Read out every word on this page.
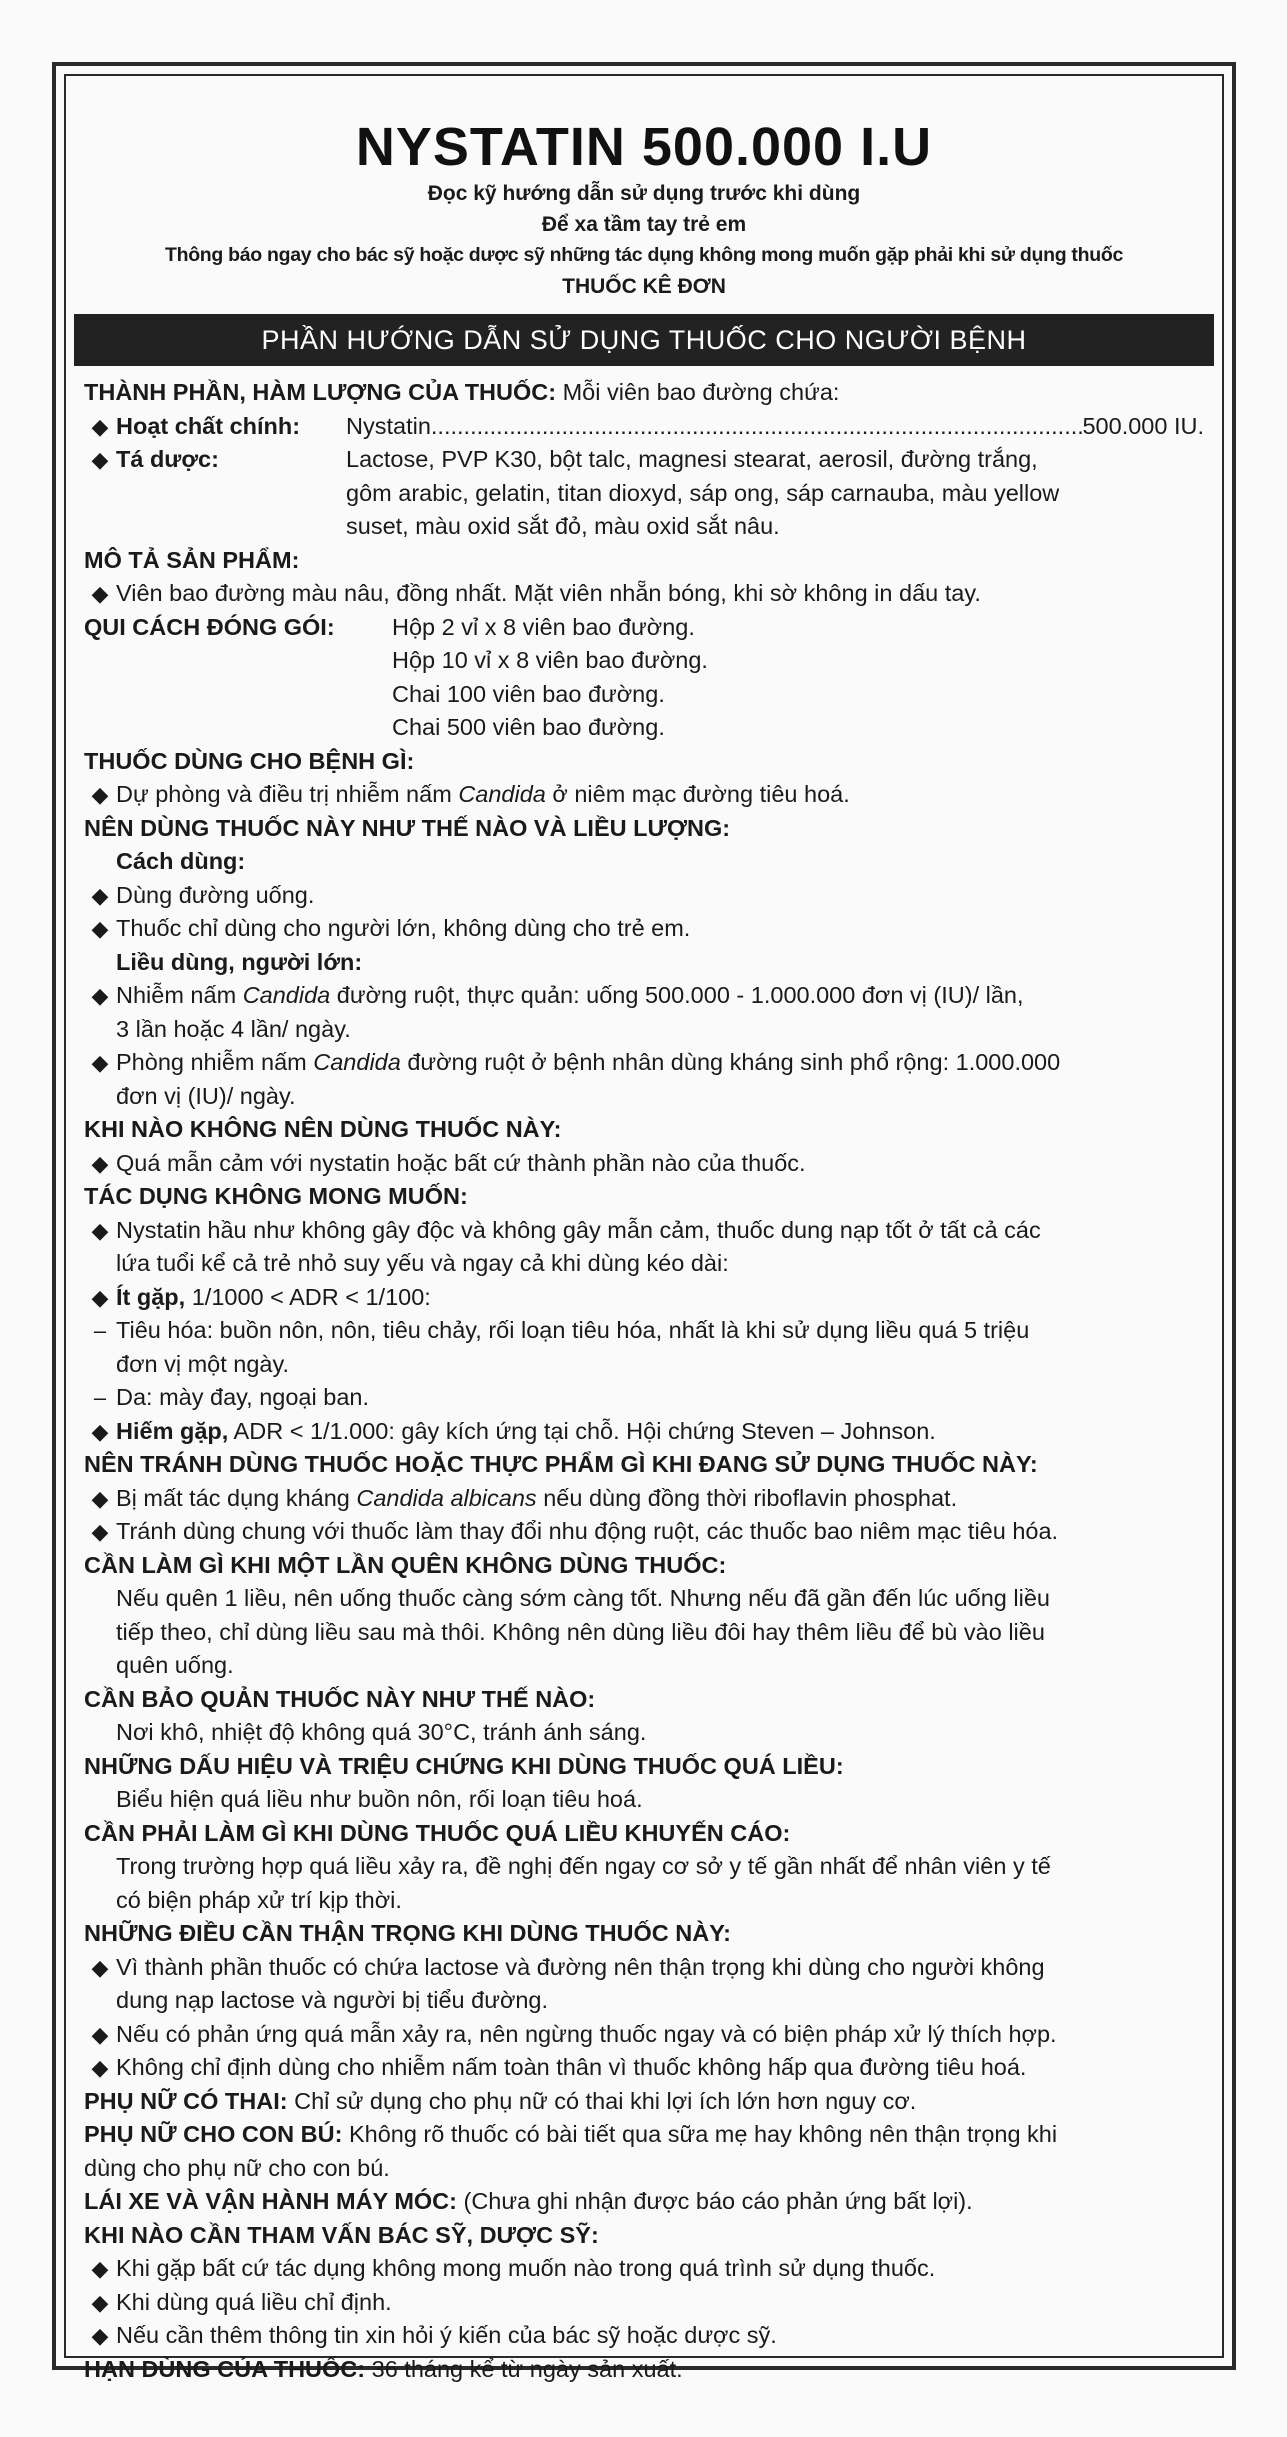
NYSTATIN 500.000 I.U
Đọc kỹ hướng dẫn sử dụng trước khi dùng
Để xa tầm tay trẻ em
Thông báo ngay cho bác sỹ hoặc dược sỹ những tác dụng không mong muốn gặp phải khi sử dụng thuốc
THUỐC KÊ ĐƠN
PHẦN HƯỚNG DẪN SỬ DỤNG THUỐC CHO NGƯỜI BỆNH
THÀNH PHẦN, HÀM LƯỢNG CỦA THUỐC: Mỗi viên bao đường chứa:
◆ Hoạt chất chính:	Nystatin
.....	500.000 IU.
◆ Tá dược:	Lactose, PVP K30, bột talc, magnesi stearat, aerosil, đường trắng,
gôm arabic, gelatin, titan dioxyd, sáp ong, sáp carnauba, màu yellow
suset, màu oxid sắt đỏ, màu oxid sắt nâu.
MÔ TẢ SẢN PHẨM:
◆ Viên bao đường màu nâu, đồng nhất. Mặt viên nhẵn bóng, khi sờ không in dấu tay.
QUI CÁCH ĐÓNG GÓI:	Hộp 2 vỉ x 8 viên bao đường.
Hộp 10 vỉ x 8 viên bao đường.
Chai 100 viên bao đường.
Chai 500 viên bao đường.
THUỐC DÙNG CHO BỆNH GÌ:
◆ Dự phòng và điều trị nhiễm nấm Candida ở niêm mạc đường tiêu hoá.
NÊN DÙNG THUỐC NÀY NHƯ THẾ NÀO VÀ LIỀU LƯỢNG:
Cách dùng:
◆ Dùng đường uống.
◆ Thuốc chỉ dùng cho người lớn, không dùng cho trẻ em.
Liều dùng, người lớn:
◆ Nhiễm nấm Candida đường ruột, thực quản: uống 500.000 - 1.000.000 đơn vị (IU)/ lần,
3 lần hoặc 4 lần/ ngày.
◆ Phòng nhiễm nấm Candida đường ruột ở bệnh nhân dùng kháng sinh phổ rộng: 1.000.000
đơn vị (IU)/ ngày.
KHI NÀO KHÔNG NÊN DÙNG THUỐC NÀY:
◆ Quá mẫn cảm với nystatin hoặc bất cứ thành phần nào của thuốc.
TÁC DỤNG KHÔNG MONG MUỐN:
◆ Nystatin hầu như không gây độc và không gây mẫn cảm, thuốc dung nạp tốt ở tất cả các
lứa tuổi kể cả trẻ nhỏ suy yếu và ngay cả khi dùng kéo dài:
◆ Ít gặp, 1/1000 < ADR < 1/100:
– Tiêu hóa: buồn nôn, nôn, tiêu chảy, rối loạn tiêu hóa, nhất là khi sử dụng liều quá 5 triệu
đơn vị một ngày.
– Da: mày đay, ngoại ban.
◆ Hiếm gặp, ADR < 1/1.000: gây kích ứng tại chỗ. Hội chứng Steven – Johnson.
NÊN TRÁNH DÙNG THUỐC HOẶC THỰC PHẨM GÌ KHI ĐANG SỬ DỤNG THUỐC NÀY:
◆ Bị mất tác dụng kháng Candida albicans nếu dùng đồng thời riboflavin phosphat.
◆ Tránh dùng chung với thuốc làm thay đổi nhu động ruột, các thuốc bao niêm mạc tiêu hóa.
CẦN LÀM GÌ KHI MỘT LẦN QUÊN KHÔNG DÙNG THUỐC:
Nếu quên 1 liều, nên uống thuốc càng sớm càng tốt. Nhưng nếu đã gần đến lúc uống liều
tiếp theo, chỉ dùng liều sau mà thôi. Không nên dùng liều đôi hay thêm liều để bù vào liều
quên uống.
CẦN BẢO QUẢN THUỐC NÀY NHƯ THẾ NÀO:
Nơi khô, nhiệt độ không quá 30°C, tránh ánh sáng.
NHỮNG DẤU HIỆU VÀ TRIỆU CHỨNG KHI DÙNG THUỐC QUÁ LIỀU:
Biểu hiện quá liều như buồn nôn, rối loạn tiêu hoá.
CẦN PHẢI LÀM GÌ KHI DÙNG THUỐC QUÁ LIỀU KHUYẾN CÁO:
Trong trường hợp quá liều xảy ra, đề nghị đến ngay cơ sở y tế gần nhất để nhân viên y tế
có biện pháp xử trí kịp thời.
NHỮNG ĐIỀU CẦN THẬN TRỌNG KHI DÙNG THUỐC NÀY:
◆ Vì thành phần thuốc có chứa lactose và đường nên thận trọng khi dùng cho người không
dung nạp lactose và người bị tiểu đường.
◆ Nếu có phản ứng quá mẫn xảy ra, nên ngừng thuốc ngay và có biện pháp xử lý thích hợp.
◆ Không chỉ định dùng cho nhiễm nấm toàn thân vì thuốc không hấp qua đường tiêu hoá.
PHỤ NỮ CÓ THAI: Chỉ sử dụng cho phụ nữ có thai khi lợi ích lớn hơn nguy cơ.
PHỤ NỮ CHO CON BÚ: Không rõ thuốc có bài tiết qua sữa mẹ hay không nên thận trọng khi
dùng cho phụ nữ cho con bú.
LÁI XE VÀ VẬN HÀNH MÁY MÓC: (Chưa ghi nhận được báo cáo phản ứng bất lợi).
KHI NÀO CẦN THAM VẤN BÁC SỸ, DƯỢC SỸ:
◆ Khi gặp bất cứ tác dụng không mong muốn nào trong quá trình sử dụng thuốc.
◆ Khi dùng quá liều chỉ định.
◆ Nếu cần thêm thông tin xin hỏi ý kiến của bác sỹ hoặc dược sỹ.
HẠN DÙNG CỦA THUỐC: 36 tháng kể từ ngày sản xuất.
